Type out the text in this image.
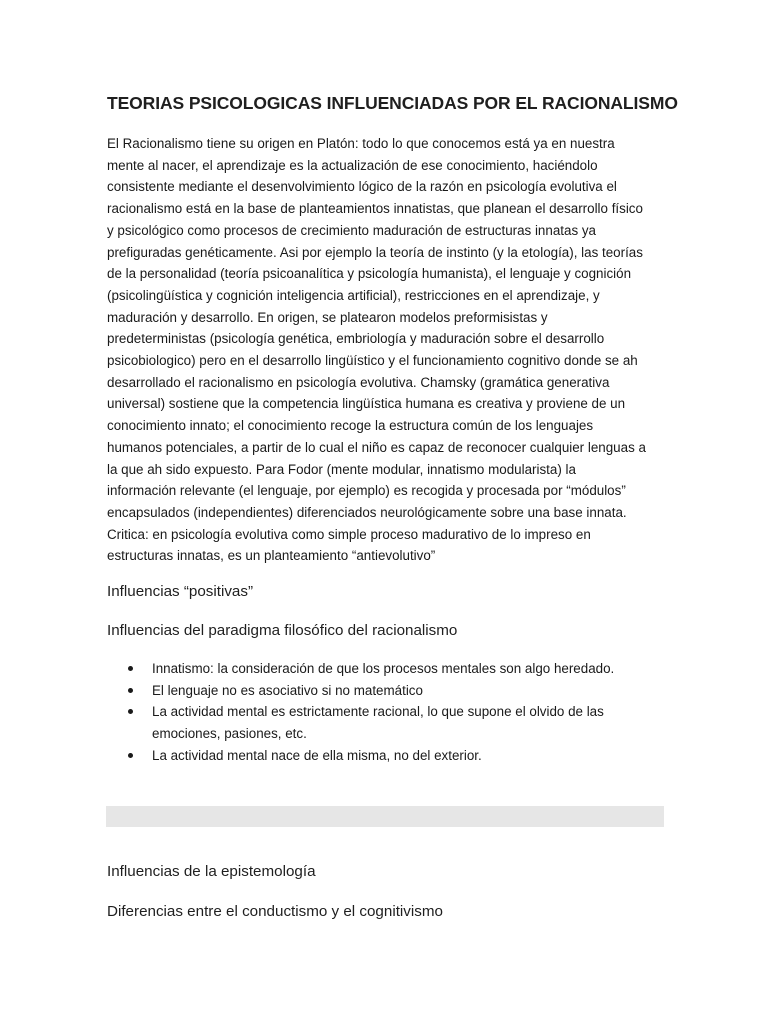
TEORIAS PSICOLOGICAS INFLUENCIADAS POR EL RACIONALISMO
El Racionalismo tiene su origen en Platón: todo lo que conocemos está ya en nuestra
mente al nacer, el aprendizaje es la actualización de ese conocimiento, haciéndolo
consistente mediante el desenvolvimiento lógico de la razón en psicología evolutiva el
racionalismo está en la base de planteamientos innatistas, que planean el desarrollo físico
y psicológico como procesos de crecimiento maduración de estructuras innatas ya
prefiguradas genéticamente. Asi por ejemplo la teoría de instinto (y la etología), las teorías
de la personalidad (teoría psicoanalítica y psicología humanista), el lenguaje y cognición
(psicolingüística y cognición inteligencia artificial), restricciones en el aprendizaje, y
maduración y desarrollo. En origen, se platearon modelos preformisistas y
predeterministas (psicología genética, embriología y maduración sobre el desarrollo
psicobiologico) pero en el desarrollo lingüístico y el funcionamiento cognitivo donde se ah
desarrollado el racionalismo en psicología evolutiva. Chamsky (gramática generativa
universal) sostiene que la competencia lingüística humana es creativa y proviene de un
conocimiento innato; el conocimiento recoge la estructura común de los lenguajes
humanos potenciales, a partir de lo cual el niño es capaz de reconocer cualquier lenguas a
la que ah sido expuesto. Para Fodor (mente modular, innatismo modularista) la
información relevante (el lenguaje, por ejemplo) es recogida y procesada por “módulos”
encapsulados (independientes) diferenciados neurológicamente sobre una base innata.
Critica: en psicología evolutiva como simple proceso madurativo de lo impreso en
estructuras innatas, es un planteamiento “antievolutivo”
Influencias “positivas”
Influencias del paradigma filosófico del racionalismo
Innatismo: la consideración de que los procesos mentales son algo heredado.
El lenguaje no es asociativo si no matemático
La actividad mental es estrictamente racional, lo que supone el olvido de las
emociones, pasiones, etc.
La actividad mental nace de ella misma, no del exterior.
Influencias de la epistemología
Diferencias entre el conductismo y el cognitivismo
